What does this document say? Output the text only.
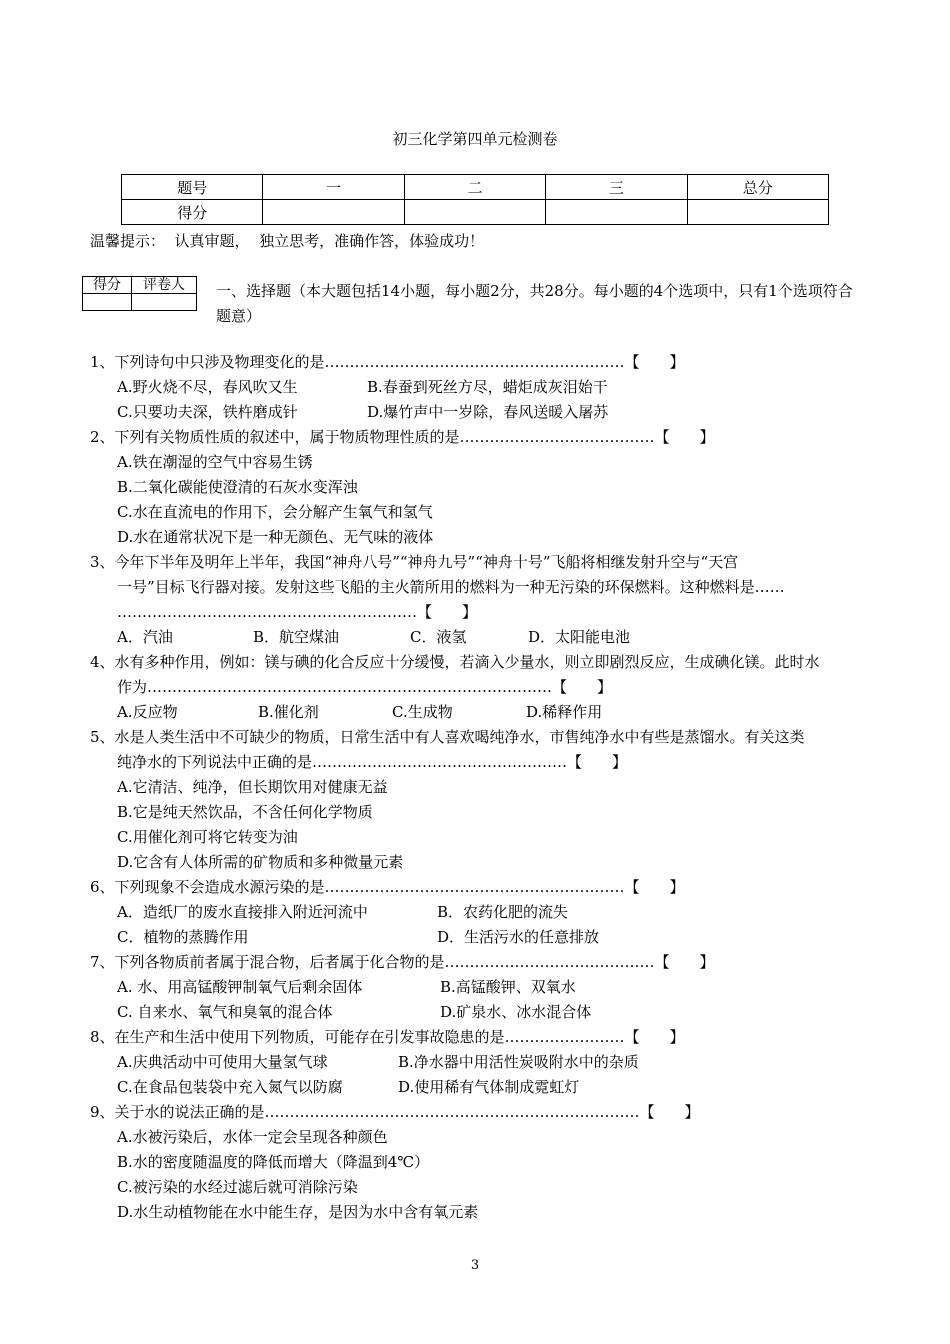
初三化学第四单元检测卷
题号	一	二	三	总分
得分				
温馨提示：  认真审题，  独立思考，准确作答，体验成功！
得分	评卷人
	一、选择题（本大题包括14小题，每小题2分，共28分。每小题的4个选项中，只有1个选项符合题意）
1、下列诗句中只涉及物理变化的是……………………………………………………【　　】
A.野火烧不尽，春风吹又生	B.春蚕到死丝方尽，蜡炬成灰泪始干
C.只要功夫深，铁杵磨成针	D.爆竹声中一岁除，春风送暖入屠苏
2、下列有关物质性质的叙述中，属于物质物理性质的是…………………………………【　　】
A.铁在潮湿的空气中容易生锈
B.二氧化碳能使澄清的石灰水变浑浊
C.水在直流电的作用下，会分解产生氧气和氢气
D.水在通常状况下是一种无颜色、无气味的液体
3、今年下半年及明年上半年，我国“神舟八号”“神舟九号”“神舟十号”飞船将相继发射升空与“天宫
一号”目标飞行器对接。发射这些飞船的主火箭所用的燃料为一种无污染的环保燃料。这种燃料是……
……………………………………………………【　　】
A．汽油	B．航空煤油	C．液氢	D．太阳能电池
4、水有多种作用，例如：镁与碘的化合反应十分缓慢，若滴入少量水，则立即剧烈反应，生成碘化镁。此时水
作为………………………………………………………………………【　　】
A.反应物	B.催化剂	C.生成物	D.稀释作用
5、水是人类生活中不可缺少的物质，日常生活中有人喜欢喝纯净水，市售纯净水中有些是蒸馏水。有关这类
纯净水的下列说法中正确的是……………………………………………【　　】
A.它清洁、纯净，但长期饮用对健康无益
B.它是纯天然饮品，不含任何化学物质
C.用催化剂可将它转变为油
D.它含有人体所需的矿物质和多种微量元素
6、下列现象不会造成水源污染的是……………………………………………………【　　】
A．造纸厂的废水直接排入附近河流中	B．农药化肥的流失
C．植物的蒸腾作用	D．生活污水的任意排放
7、下列各物质前者属于混合物，后者属于化合物的是……………………………………【　　】
A. 水、用高锰酸钾制氧气后剩余固体	B.高锰酸钾、双氧水
C. 自来水、氧气和臭氧的混合体	D.矿泉水、冰水混合体
8、在生产和生活中使用下列物质，可能存在引发事故隐患的是……………………【　　】
A.庆典活动中可使用大量氢气球	B.净水器中用活性炭吸附水中的杂质
C.在食品包装袋中充入氮气以防腐	D.使用稀有气体制成霓虹灯
9、关于水的说法正确的是…………………………………………………………………【　　】
A.水被污染后，水体一定会呈现各种颜色
B.水的密度随温度的降低而增大（降温到4℃）
C.被污染的水经过滤后就可消除污染
D.水生动植物能在水中能生存，是因为水中含有氧元素
3
